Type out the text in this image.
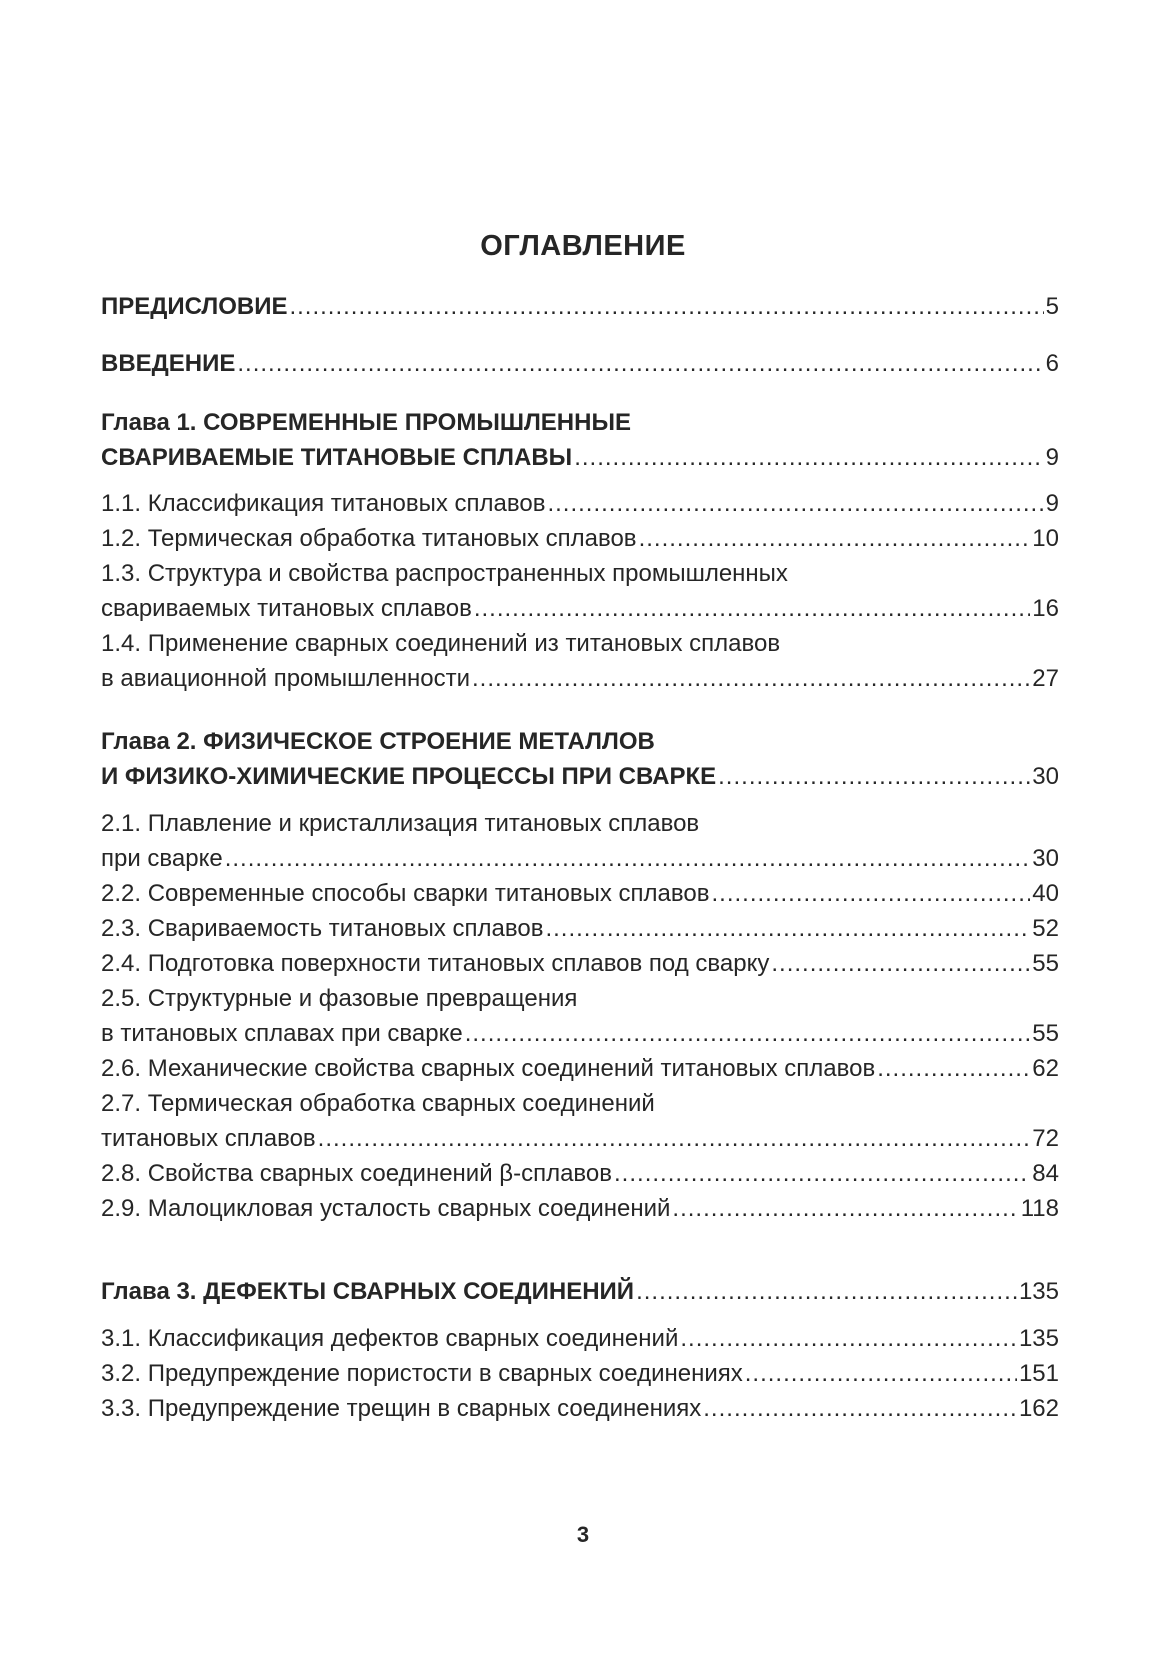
ОГЛАВЛЕНИЕ
ПРЕДИСЛОВИЕ .....	5
ВВЕДЕНИЕ .....	6
Глава 1. СОВРЕМЕННЫЕ ПРОМЫШЛЕННЫЕ
СВАРИВАЕМЫЕ ТИТАНОВЫЕ СПЛАВЫ .....	9
1.1. Классификация титановых сплавов .....	9
1.2. Термическая обработка титановых сплавов .....	10
1.3. Структура и свойства распространенных промышленных
свариваемых титановых сплавов .....	16
1.4. Применение сварных соединений из титановых сплавов
в авиационной промышленности .....	27
Глава 2. ФИЗИЧЕСКОЕ СТРОЕНИЕ МЕТАЛЛОВ
И ФИЗИКО-ХИМИЧЕСКИЕ ПРОЦЕССЫ ПРИ СВАРКЕ .....	30
2.1. Плавление и кристаллизация титановых сплавов
при сварке .....	30
2.2. Современные способы сварки титановых сплавов .....	40
2.3. Свариваемость титановых сплавов .....	52
2.4. Подготовка поверхности титановых сплавов под сварку .....	55
2.5. Структурные и фазовые превращения
в титановых сплавах при сварке .....	55
2.6. Механические свойства сварных соединений титановых сплавов .....	62
2.7. Термическая обработка сварных соединений
титановых сплавов .....	72
2.8. Свойства сварных соединений β-сплавов .....	84
2.9. Малоцикловая усталость сварных соединений .....	118
Глава 3. ДЕФЕКТЫ СВАРНЫХ СОЕДИНЕНИЙ .....	135
3.1. Классификация дефектов сварных соединений .....	135
3.2. Предупреждение пористости в сварных соединениях .....	151
3.3. Предупреждение трещин в сварных соединениях .....	162
3
